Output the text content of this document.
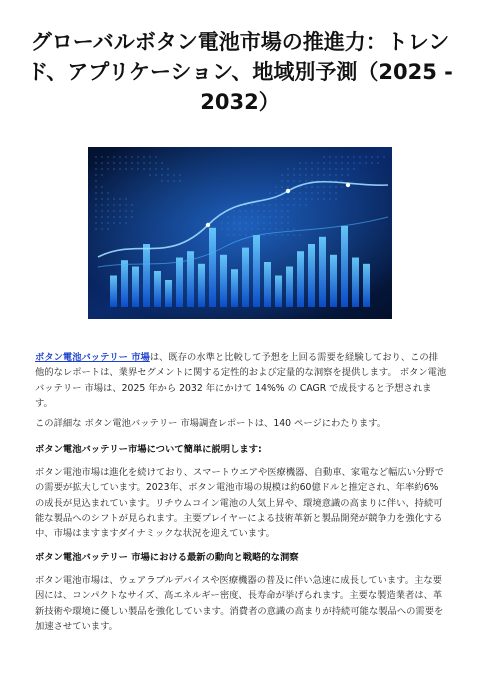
グローバルボタン電池市場の推進力：トレンド、アプリケーション、地域別予測（2025 - 2032）

ボタン電池バッテリー 市場は、既存の水準と比較して予想を上回る需要を経験しており、この排他的なレポートは、業界セグメントに関する定性的および定量的な洞察を提供します。 ボタン電池バッテリー 市場は、2025 年から 2032 年にかけて 14%% の CAGR で成長すると予想されます。

この詳細な ボタン電池バッテリー 市場調査レポートは、140 ページにわたります。

ボタン電池バッテリー市場について簡単に説明します:

ボタン電池市場は進化を続けており、スマートウエアや医療機器、自動車、家電など幅広い分野での需要が拡大しています。2023年、ボタン電池市場の規模は約60億ドルと推定され、年率約6%の成長が見込まれています。リチウムコイン電池の人気上昇や、環境意識の高まりに伴い、持続可能な製品へのシフトが見られます。主要プレイヤーによる技術革新と製品開発が競争力を強化する中、市場はますますダイナミックな状況を迎えています。

ボタン電池バッテリー 市場における最新の動向と戦略的な洞察

ボタン電池市場は、ウェアラブルデバイスや医療機器の普及に伴い急速に成長しています。主な要因には、コンパクトなサイズ、高エネルギー密度、長寿命が挙げられます。主要な製造業者は、革新技術や環境に優しい製品を強化しています。消費者の意識の高まりが持続可能な製品への需要を加速させています。
